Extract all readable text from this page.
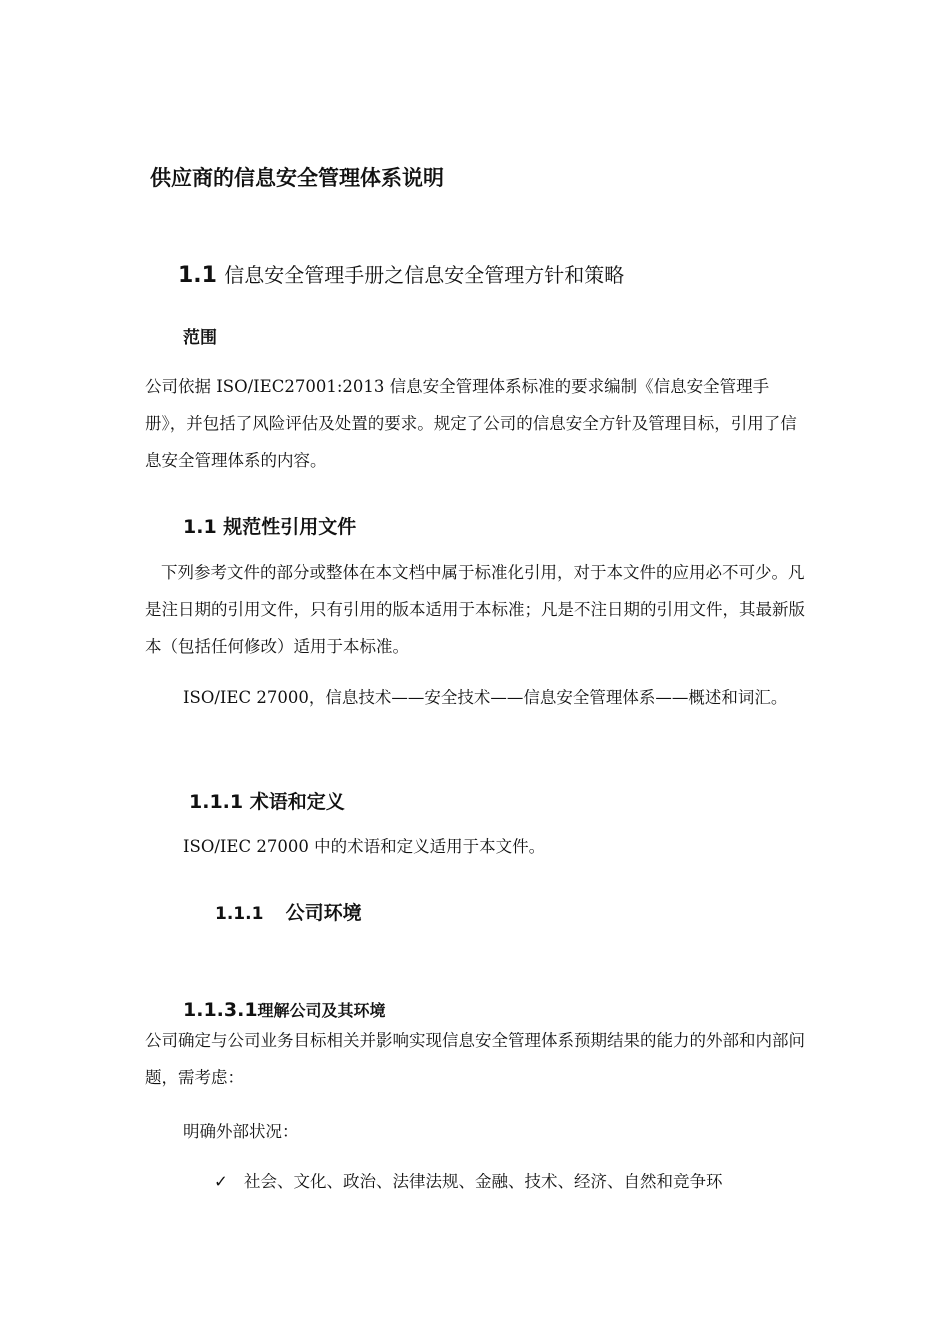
供应商的信息安全管理体系说明
1.1 信息安全管理手册之信息安全管理方针和策略
范围

公司依据 ISO/IEC27001:2013 信息安全管理体系标准的要求编制《信息安全管理手册》，并包括了风险评估及处置的要求。规定了公司的信息安全方针及管理目标，引用了信息安全管理体系的内容。

1.1 规范性引用文件

下列参考文件的部分或整体在本文档中属于标准化引用，对于本文件的应用必不可少。凡是注日期的引用文件，只有引用的版本适用于本标准；凡是不注日期的引用文件，其最新版本（包括任何修改）适用于本标准。

ISO/IEC 27000，信息技术——安全技术——信息安全管理体系——概述和词汇。

1.1.1 术语和定义

ISO/IEC 27000 中的术语和定义适用于本文件。

1.1.1 公司环境
1.1.3.1理解公司及其环境

公司确定与公司业务目标相关并影响实现信息安全管理体系预期结果的能力的外部和内部问题，需考虑：

明确外部状况：

✓ 社会、文化、政治、法律法规、金融、技术、经济、自然和竞争环
